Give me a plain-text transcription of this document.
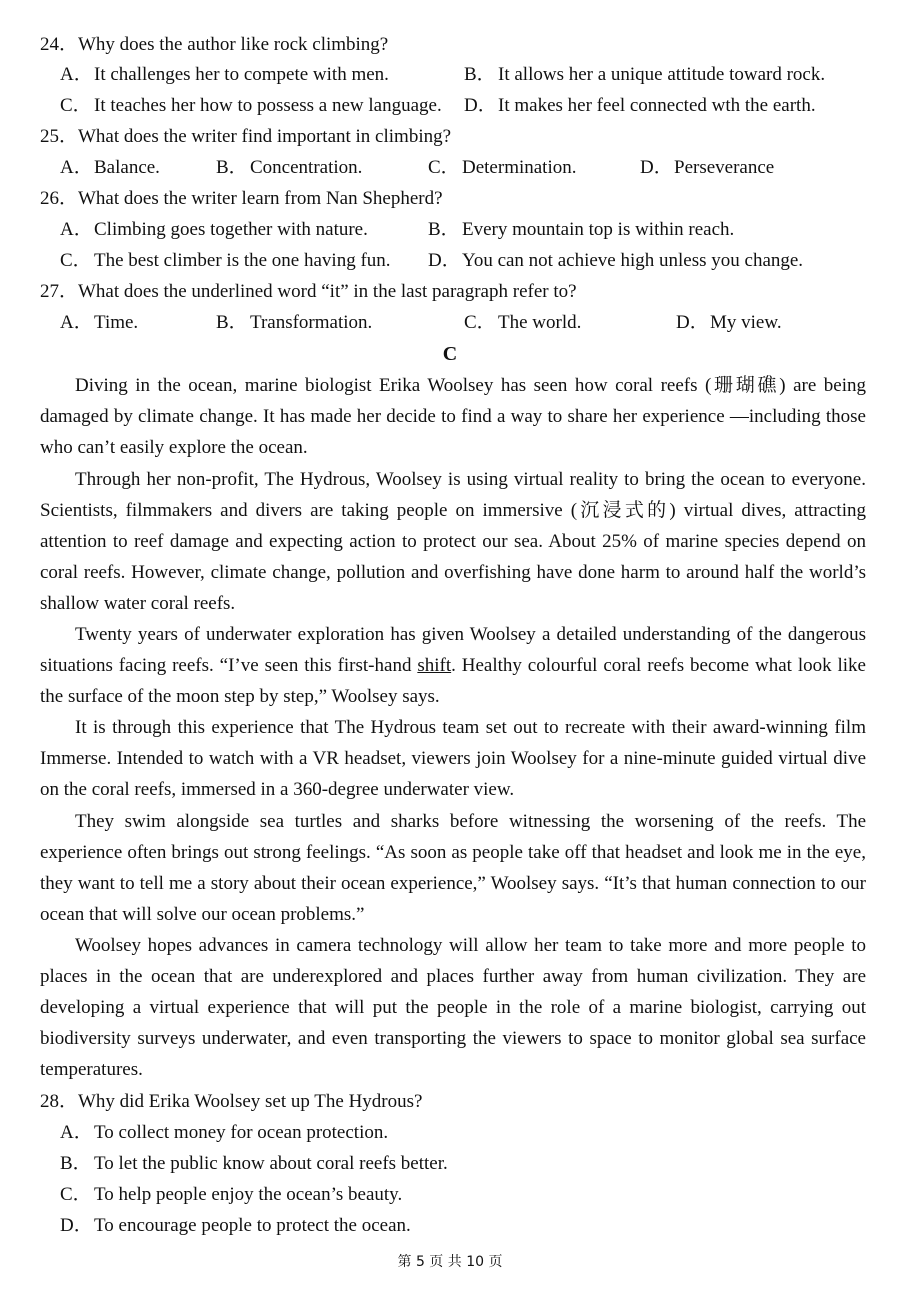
24．Why does the author like rock climbing?
A．It challenges her to compete with men.	B． It allows her a unique attitude toward rock.
C． It teaches her how to possess a new language. D．It makes her feel connected wth the earth.
25．What does the writer find important in climbing?
A．Balance.	B． Concentration.	C． Determination.	D．Perseverance
26．What does the writer learn from Nan Shepherd?
A．Climbing goes together with nature.	B． Every mountain top is within reach.
C． The best climber is the one having fun. D．You can not achieve high unless you change.
27．What does the underlined word “it” in the last paragraph refer to?
A．Time.	B． Transformation.	C． The world.	D．My view.
C

Diving in the ocean, marine biologist Erika Woolsey has seen how coral reefs (珊瑚礁) are being damaged by climate change. It has made her decide to find a way to share her experience —including those who can’t easily explore the ocean.

Through her non-profit, The Hydrous, Woolsey is using virtual reality to bring the ocean to everyone. Scientists, filmmakers and divers are taking people on immersive (沉浸式的) virtual dives, attracting attention to reef damage and expecting action to protect our sea. About 25% of marine species depend on coral reefs. However, climate change, pollution and overfishing have done harm to around half the world’s shallow water coral reefs.

Twenty years of underwater exploration has given Woolsey a detailed understanding of the dangerous situations facing reefs. “I’ve seen this first-hand shift. Healthy colourful coral reefs become what look like the surface of the moon step by step,” Woolsey says.

It is through this experience that The Hydrous team set out to recreate with their award-winning film Immerse. Intended to watch with a VR headset, viewers join Woolsey for a nine-minute guided virtual dive on the coral reefs, immersed in a 360-degree underwater view.

They swim alongside sea turtles and sharks before witnessing the worsening of the reefs. The experience often brings out strong feelings. “As soon as people take off that headset and look me in the eye, they want to tell me a story about their ocean experience,” Woolsey says. “It’s that human connection to our ocean that will solve our ocean problems.”

Woolsey hopes advances in camera technology will allow her team to take more and more people to places in the ocean that are underexplored and places further away from human civilization. They are developing a virtual experience that will put the people in the role of a marine biologist, carrying out biodiversity surveys underwater, and even transporting the viewers to space to monitor global sea surface temperatures.

28．Why did Erika Woolsey set up The Hydrous?
A．To collect money for ocean protection.
B． To let the public know about coral reefs better.
C． To help people enjoy the ocean’s beauty.
D．To encourage people to protect the ocean.
第 5 页 共 10 页
